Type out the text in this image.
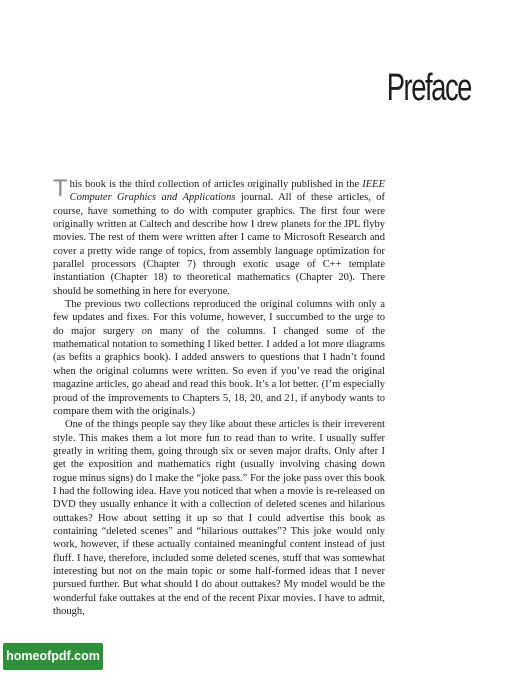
Preface

This book is the third collection of articles originally published in the IEEE Computer Graphics and Applications journal. All of these articles, of course, have something to do with computer graphics. The first four were originally written at Caltech and describe how I drew planets for the JPL flyby movies. The rest of them were written after I came to Microsoft Research and cover a pretty wide range of topics, from assembly language optimization for parallel processors (Chapter 7) through exotic usage of C++ template instantiation (Chapter 18) to theoretical mathematics (Chapter 20). There should be something in here for everyone.

The previous two collections reproduced the original columns with only a few updates and fixes. For this volume, however, I succumbed to the urge to do major surgery on many of the columns. I changed some of the mathematical notation to something I liked better. I added a lot more diagrams (as befits a graphics book). I added answers to questions that I hadn’t found when the original columns were written. So even if you’ve read the original magazine articles, go ahead and read this book. It’s a lot better. (I’m especially proud of the improvements to Chapters 5, 18, 20, and 21, if anybody wants to compare them with the originals.)

One of the things people say they like about these articles is their irreverent style. This makes them a lot more fun to read than to write. I usually suffer greatly in writing them, going through six or seven major drafts. Only after I get the exposition and mathematics right (usually involving chasing down rogue minus signs) do I make the “joke pass.” For the joke pass over this book I had the following idea. Have you noticed that when a movie is re-released on DVD they usually enhance it with a collection of deleted scenes and hilarious outtakes? How about setting it up so that I could advertise this book as containing “deleted scenes” and “hilarious outtakes”? This joke would only work, however, if these actually contained meaningful content instead of just fluff. I have, therefore, included some deleted scenes, stuff that was somewhat interesting but not on the main topic or some half-formed ideas that I never pursued further. But what should I do about outtakes? My model would be the wonderful fake outtakes at the end of the recent Pixar movies. I have to admit, though,

homeofpdf.com
